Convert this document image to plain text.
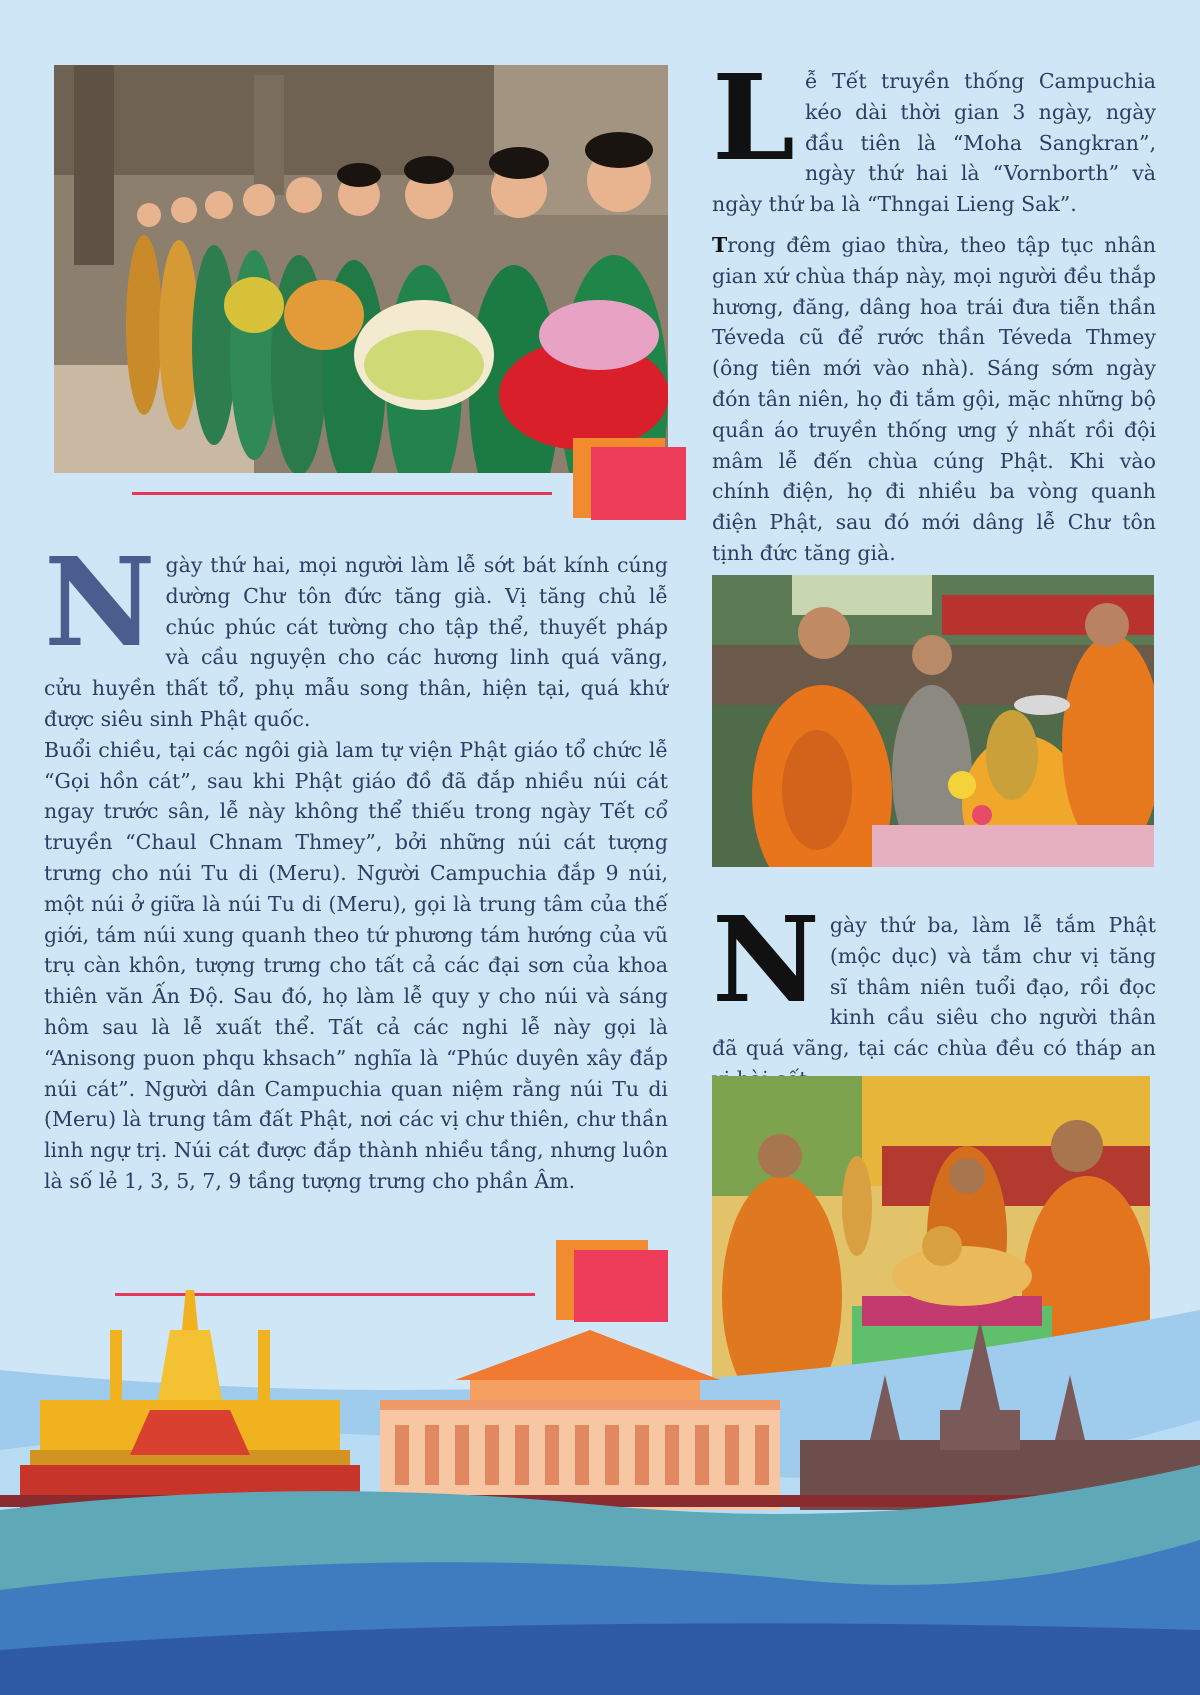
Lễ Tết truyền thống Campuchia kéo dài thời gian 3 ngày, ngày đầu tiên là “Moha Sangkran”, ngày thứ hai là “Vornborth” và ngày thứ ba là “Thngai Lieng Sak”.

Trong đêm giao thừa, theo tập tục nhân gian xứ chùa tháp này, mọi người đều thắp hương, đăng, dâng hoa trái đưa tiễn thần Téveda cũ để rước thần Téveda Thmey (ông tiên mới vào nhà). Sáng sớm ngày đón tân niên, họ đi tắm gội, mặc những bộ quần áo truyền thống ưng ý nhất rồi đội mâm lễ đến chùa cúng Phật. Khi vào chính điện, họ đi nhiều ba vòng quanh điện Phật, sau đó mới dâng lễ Chư tôn tịnh đức tăng già.

Ngày thứ hai, mọi người làm lễ sớt bát kính cúng dường Chư tôn đức tăng già. Vị tăng chủ lễ chúc phúc cát tường cho tập thể, thuyết pháp và cầu nguyện cho các hương linh quá vãng, cửu huyền thất tổ, phụ mẫu song thân, hiện tại, quá khứ được siêu sinh Phật quốc.

Buổi chiều, tại các ngôi già lam tự viện Phật giáo tổ chức lễ “Gọi hồn cát”, sau khi Phật giáo đồ đã đắp nhiều núi cát ngay trước sân, lễ này không thể thiếu trong ngày Tết cổ truyền “Chaul Chnam Thmey”, bởi những núi cát tượng trưng cho núi Tu di (Meru). Người Campuchia đắp 9 núi, một núi ở giữa là núi Tu di (Meru), gọi là trung tâm của thế giới, tám núi xung quanh theo tứ phương tám hướng của vũ trụ càn khôn, tượng trưng cho tất cả các đại sơn của khoa thiên văn Ấn Độ. Sau đó, họ làm lễ quy y cho núi và sáng hôm sau là lễ xuất thể. Tất cả các nghi lễ này gọi là “Anisong puon phqu khsach” nghĩa là “Phúc duyên xây đắp núi cát”. Người dân Campuchia quan niệm rằng núi Tu di (Meru) là trung tâm đất Phật, nơi các vị chư thiên, chư thần linh ngự trị. Núi cát được đắp thành nhiều tầng, nhưng luôn là số lẻ 1, 3, 5, 7, 9 tầng tượng trưng cho phần Âm.

Ngày thứ ba, làm lễ tắm Phật (mộc dục) và tắm chư vị tăng sĩ thâm niên tuổi đạo, rồi đọc kinh cầu siêu cho người thân đã quá vãng, tại các chùa đều có tháp an
